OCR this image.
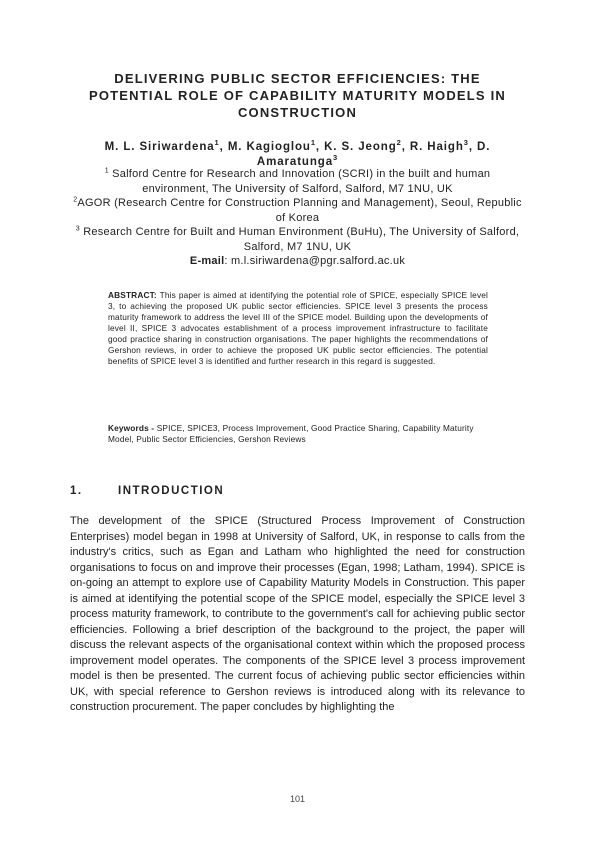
DELIVERING PUBLIC SECTOR EFFICIENCIES: THE
POTENTIAL ROLE OF CAPABILITY MATURITY MODELS IN
CONSTRUCTION
M. L. Siriwardena$^1$, M. Kagioglou$^1$, K. S. Jeong$^2$, R. Haigh$^3$, D. Amaratunga$^3$

$^1$ Salford Centre for Research and Innovation (SCRI) in the built and human environment, The University of Salford, Salford, M7 1NU, UK

$^2$AGOR (Research Centre for Construction Planning and Management), Seoul, Republic of Korea

$^3$ Research Centre for Built and Human Environment (BuHu), The University of Salford, Salford, M7 1NU, UK

E-mail: m.l.siriwardena@pgr.salford.ac.uk

ABSTRACT: This paper is aimed at identifying the potential role of SPICE, especially SPICE level 3, to achieving the proposed UK public sector efficiencies. SPICE level 3 presents the process maturity framework to address the level III of the SPICE model. Building upon the developments of level II, SPICE 3 advocates establishment of a process improvement infrastructure to facilitate good practice sharing in construction organisations. The paper highlights the recommendations of Gershon reviews, in order to achieve the proposed UK public sector efficiencies. The potential benefits of SPICE level 3 is identified and further research in this regard is suggested.
Keywords - SPICE, SPICE3, Process Improvement, Good Practice Sharing, Capability Maturity Model, Public Sector Efficiencies, Gershon Reviews
1.	INTRODUCTION
The development of the SPICE (Structured Process Improvement of Construction Enterprises) model began in 1998 at University of Salford, UK, in response to calls from the industry's critics, such as Egan and Latham who highlighted the need for construction organisations to focus on and improve their processes (Egan, 1998; Latham, 1994). SPICE is on-going an attempt to explore use of Capability Maturity Models in Construction. This paper is aimed at identifying the potential scope of the SPICE model, especially the SPICE level 3 process maturity framework, to contribute to the government's call for achieving public sector efficiencies. Following a brief description of the background to the project, the paper will discuss the relevant aspects of the organisational context within which the proposed process improvement model operates. The components of the SPICE level 3 process improvement model is then be presented. The current focus of achieving public sector efficiencies within UK, with special reference to Gershon reviews is introduced along with its relevance to construction procurement. The paper concludes by highlighting the
101
